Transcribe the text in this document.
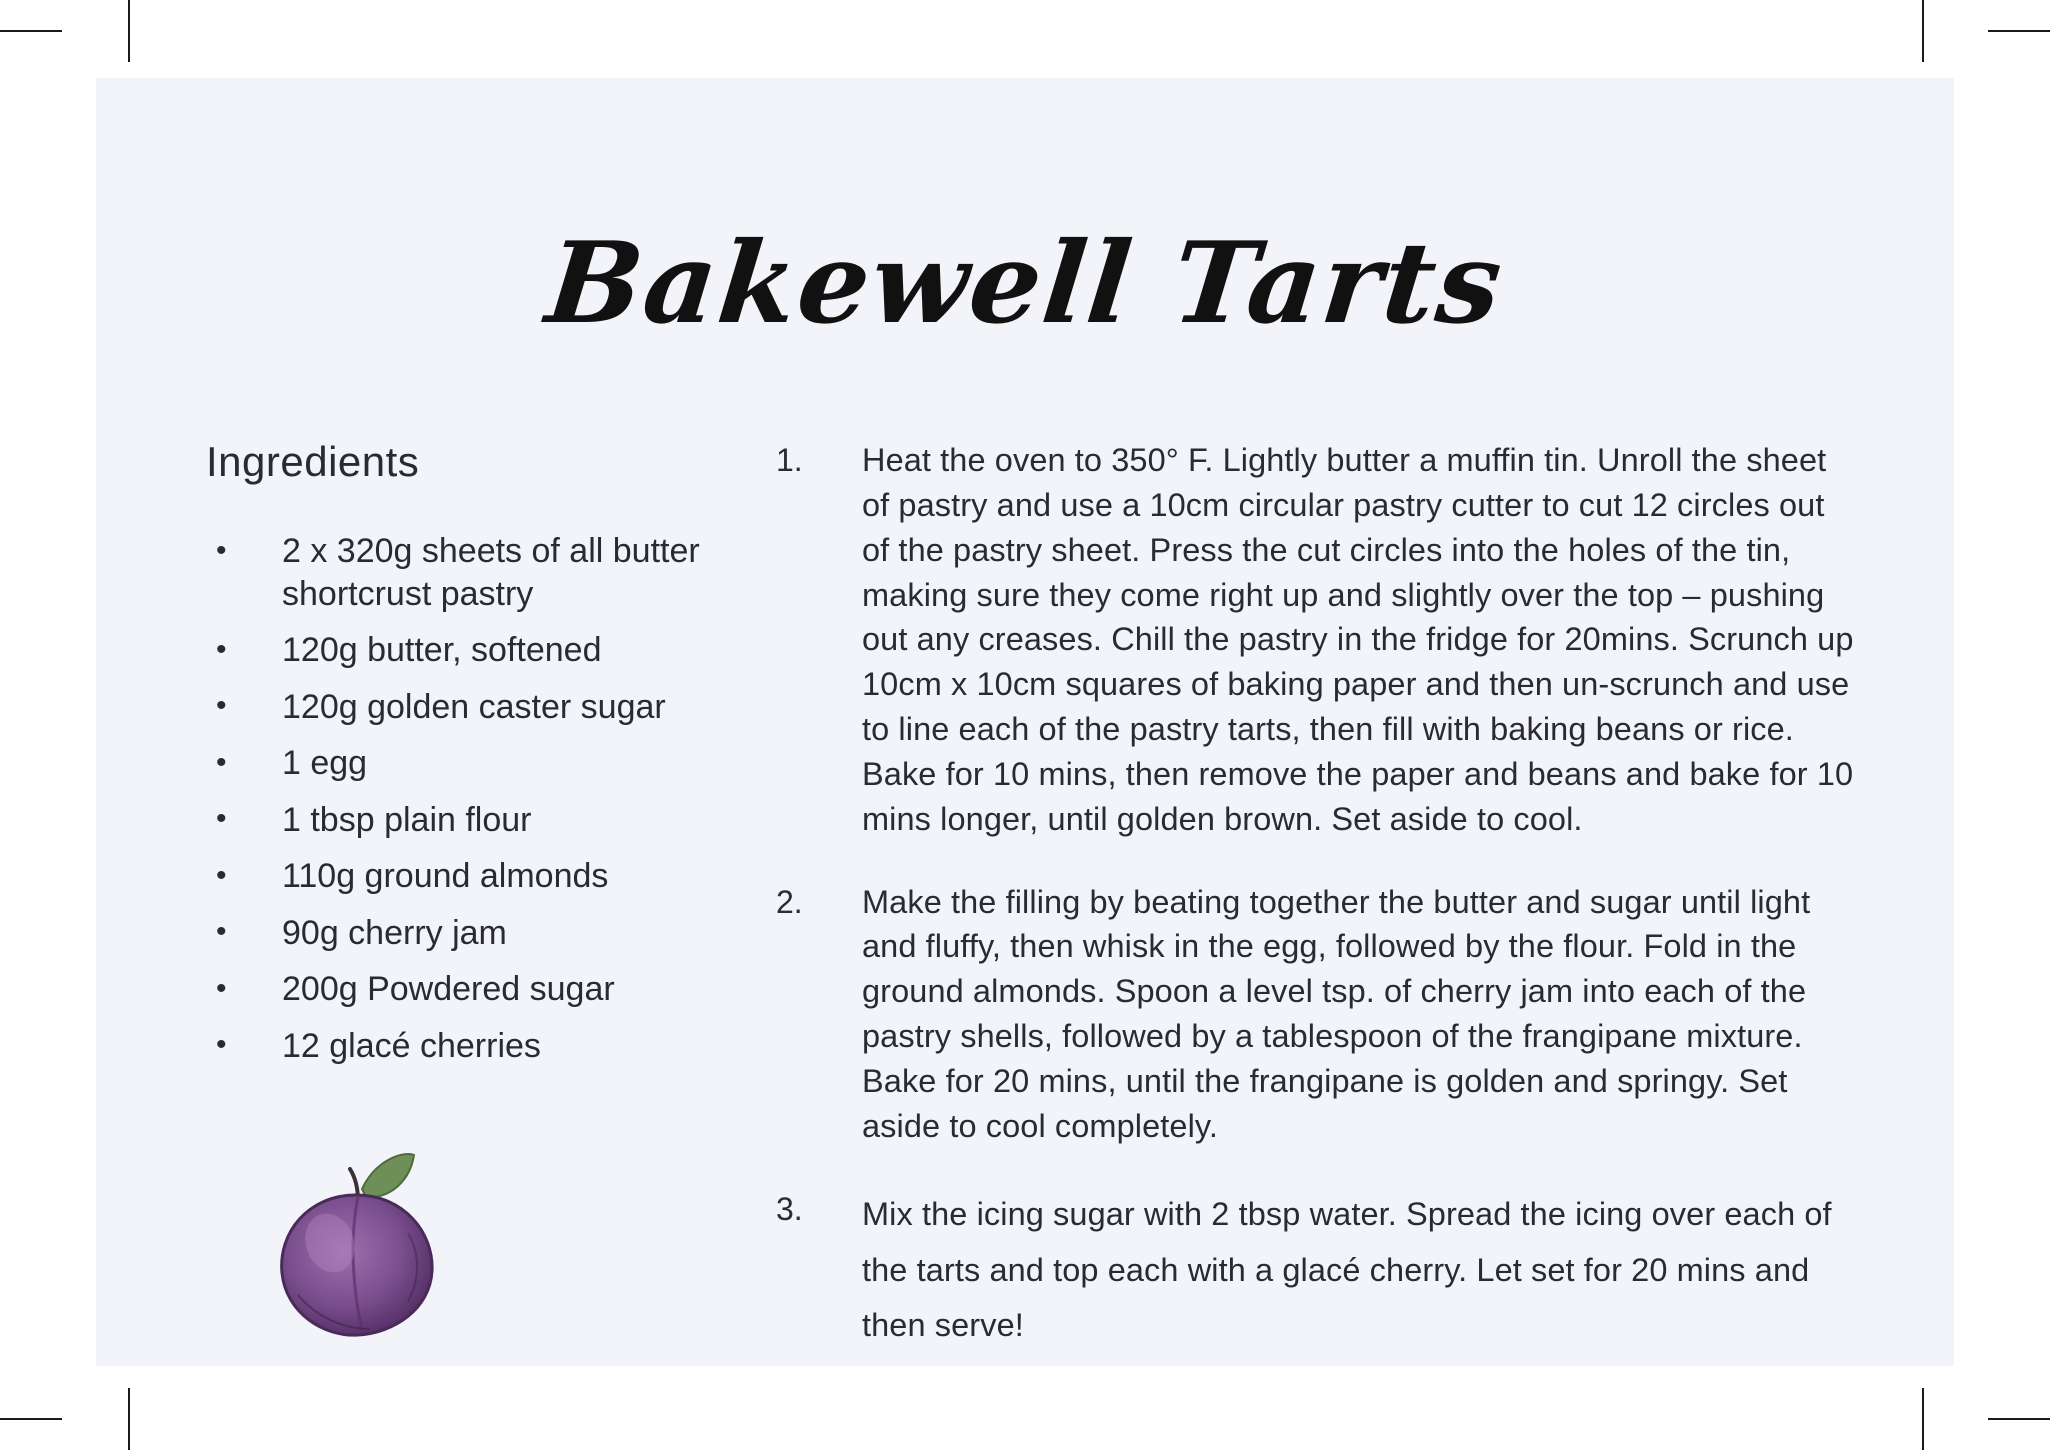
Bakewell Tarts
Ingredients
• 2 x 320g sheets of all butter shortcrust pastry
• 120g butter, softened
• 120g golden caster sugar
• 1 egg
• 1 tbsp plain flour
• 110g ground almonds
• 90g cherry jam
• 200g Powdered sugar
• 12 glacé cherries
1. Heat the oven to 350° F. Lightly butter a muffin tin. Unroll the sheet of pastry and use a 10cm circular pastry cutter to cut 12 circles out of the pastry sheet. Press the cut circles into the holes of the tin, making sure they come right up and slightly over the top – pushing out any creases. Chill the pastry in the fridge for 20mins. Scrunch up 10cm x 10cm squares of baking paper and then un-scrunch and use to line each of the pastry tarts, then fill with baking beans or rice. Bake for 10 mins, then remove the paper and beans and bake for 10 mins longer, until golden brown. Set aside to cool.
2. Make the filling by beating together the butter and sugar until light and fluffy, then whisk in the egg, followed by the flour. Fold in the ground almonds. Spoon a level tsp. of cherry jam into each of the pastry shells, followed by a tablespoon of the frangipane mixture. Bake for 20 mins, until the frangipane is golden and springy. Set aside to cool completely.
3. Mix the icing sugar with 2 tbsp water. Spread the icing over each of the tarts and top each with a glacé cherry. Let set for 20 mins and then serve!
